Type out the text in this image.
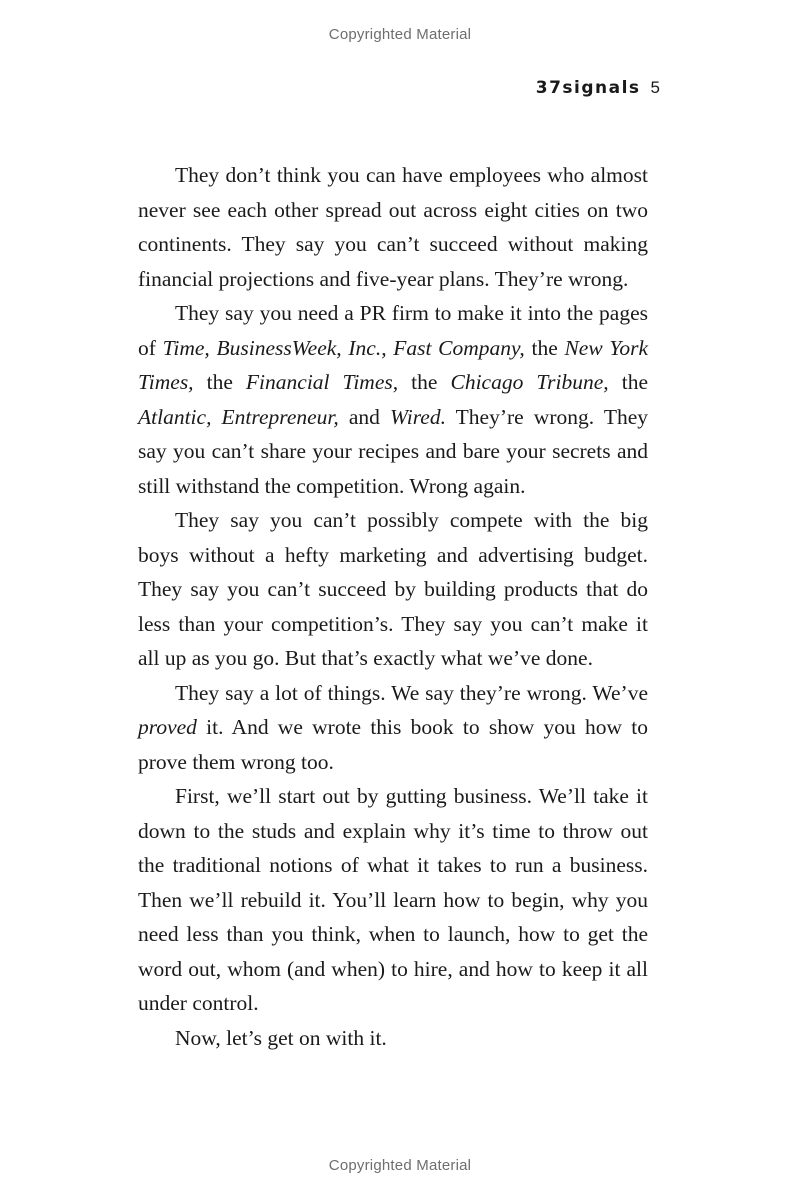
Copyrighted Material
37signals 5

They don’t think you can have employees who almost never see each other spread out across eight cities on two continents. They say you can’t succeed without making financial projections and five-year plans. They’re wrong.

They say you need a PR firm to make it into the pages of Time, BusinessWeek, Inc., Fast Company, the New York Times, the Financial Times, the Chicago Tribune, the Atlantic, Entrepreneur, and Wired. They’re wrong. They say you can’t share your recipes and bare your secrets and still withstand the competition. Wrong again.

They say you can’t possibly compete with the big boys without a hefty marketing and advertising budget. They say you can’t succeed by building products that do less than your competition’s. They say you can’t make it all up as you go. But that’s exactly what we’ve done.

They say a lot of things. We say they’re wrong. We’ve proved it. And we wrote this book to show you how to prove them wrong too.

First, we’ll start out by gutting business. We’ll take it down to the studs and explain why it’s time to throw out the traditional notions of what it takes to run a business. Then we’ll rebuild it. You’ll learn how to begin, why you need less than you think, when to launch, how to get the word out, whom (and when) to hire, and how to keep it all under control.

Now, let’s get on with it.

Copyrighted Material
